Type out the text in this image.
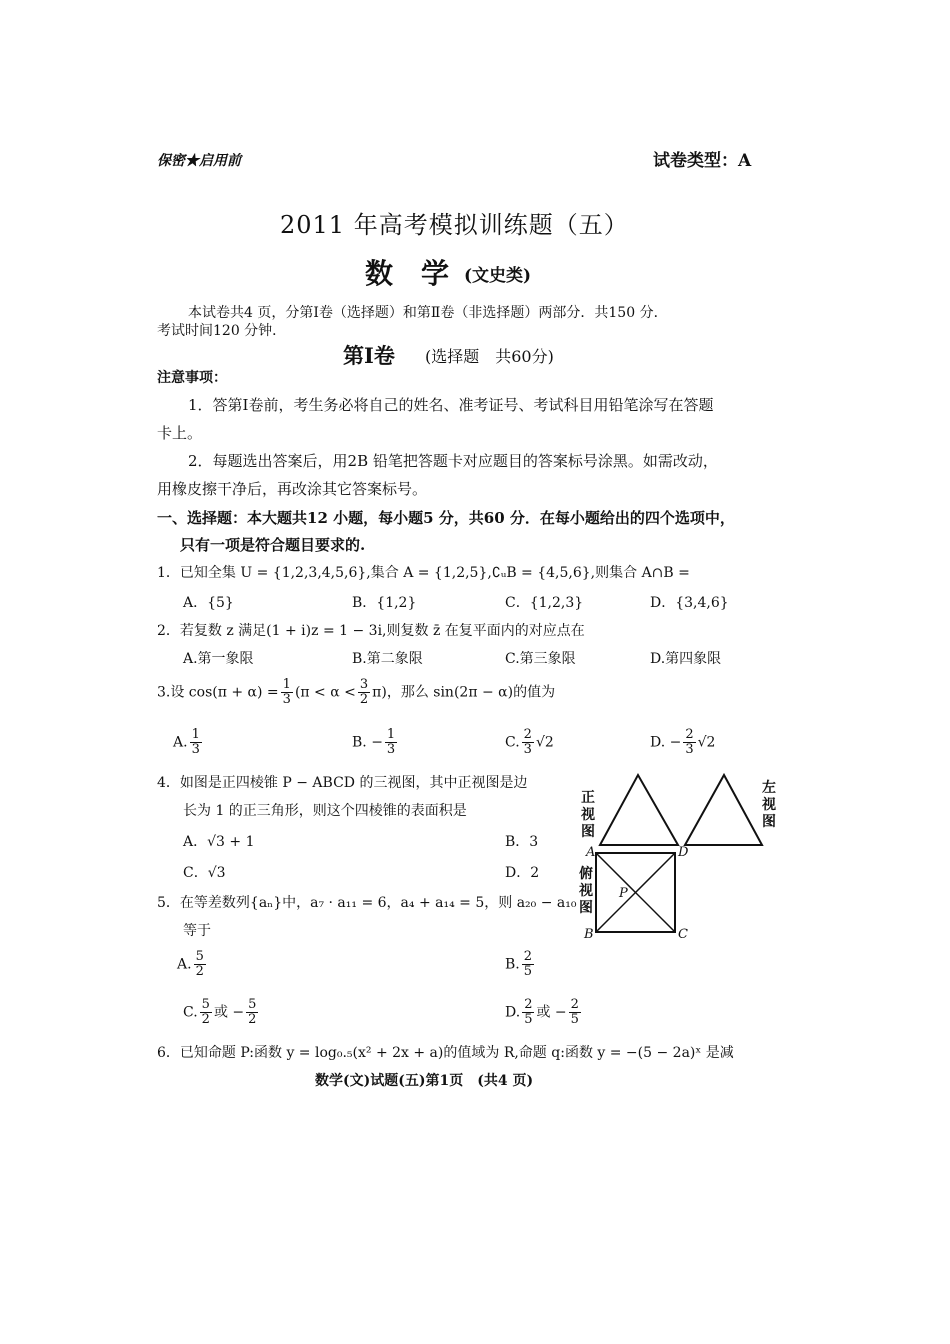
保密★启用前	试卷类型：A
2011 年高考模拟训练题（五）
数　学 (文史类)
本试卷共4 页，分第Ⅰ卷（选择题）和第Ⅱ卷（非选择题）两部分．共150 分．
考试时间120 分钟．
第Ⅰ卷 (选择题　共60分)
注意事项：
1．答第Ⅰ卷前，考生务必将自己的姓名、准考证号、考试科目用铅笔涂写在答题
卡上。
2．每题选出答案后，用2B 铅笔把答题卡对应题目的答案标号涂黑。如需改动，
用橡皮擦干净后，再改涂其它答案标号。
一、选择题：本大题共12 小题，每小题5 分，共60 分．在每小题给出的四个选项中，
只有一项是符合题目要求的.
1．已知全集 U = {1,2,3,4,5,6},集合 A = {1,2,5},∁ᵤB = {4,5,6},则集合 A∩B =
A．{5}	B．{1,2}	C．{1,2,3}	D．{3,4,6}
2．若复数 z 满足(1 + i)z = 1 − 3i,则复数 z̄ 在复平面内的对应点在
A.第一象限	B.第二象限	C.第三象限	D.第四象限
3.设 $\cos(\pi + \alpha) = \frac{1}{3} (\pi < \alpha < \frac{3}{2} \pi)$，那么 sin(2π − α)的值为
A. $\frac{1}{3}$	B. − $\frac{1}{3}$	C. $\frac{2}{3} √2$	D. − $\frac{2}{3} √2$
4．如图是正四棱锥 P − ABCD 的三视图，其中正视图是边
长为 1 的正三角形，则这个四棱锥的表面积是
A．√3 + 1	B．3
C．√3	D．2
正
视
图
左
视
图
俯
视
图
A	D
B	C
P
5．在等差数列{aₙ}中，a₇ · a₁₁ = 6，a₄ + a₁₄ = 5，则 a₂₀ − a₁₀
等于
A. $\frac{5}{2}$	B. $\frac{2}{5}$
C. $\frac{5}{2}$ 或 − $\frac{5}{2}$	D. $\frac{2}{5}$ 或 − $\frac{2}{5}$
6．已知命题 P:函数 y = log₀.₅(x² + 2x + a)的值域为 R,命题 q:函数 y = −(5 − 2a)ˣ 是减
数学(文)试题(五)第1页　(共4 页)
